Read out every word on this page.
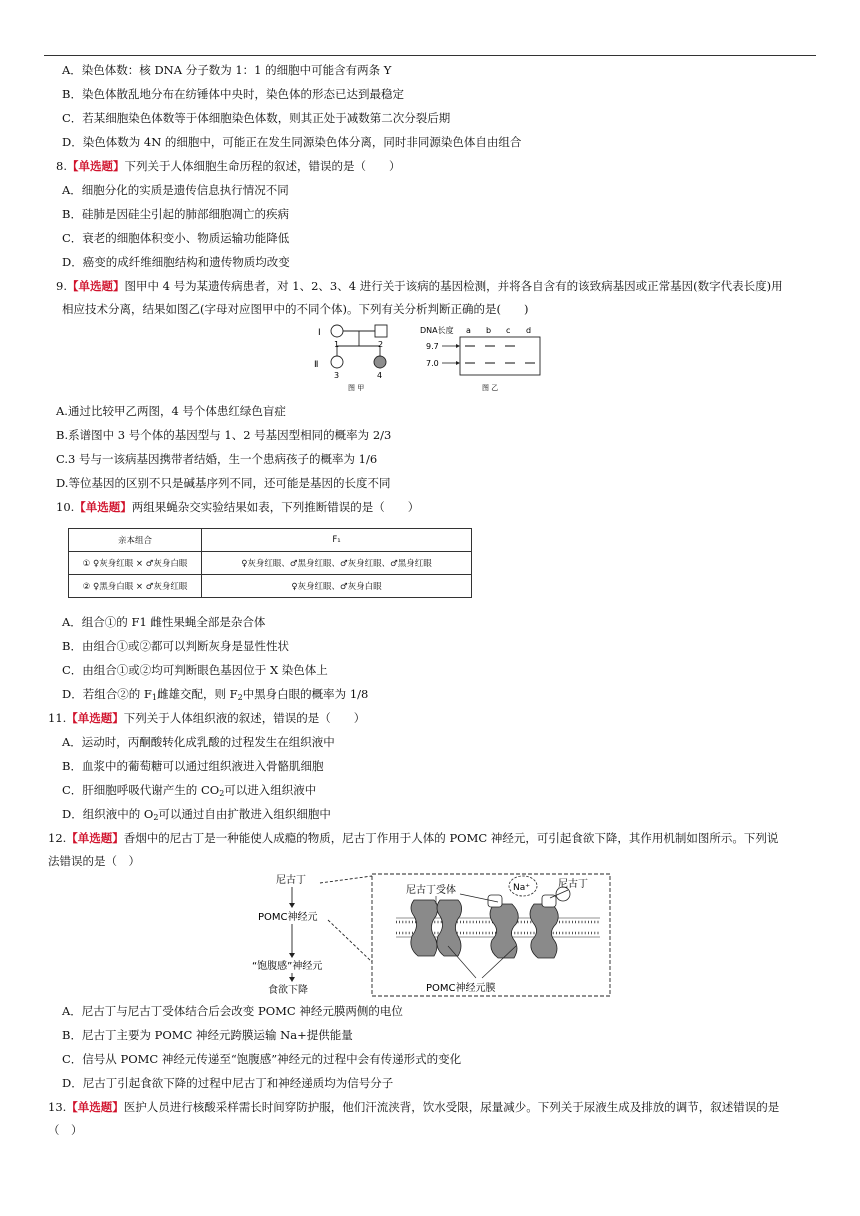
A．染色体数：核 DNA 分子数为 1：1 的细胞中可能含有两条 Y
B．染色体散乱地分布在纺锤体中央时，染色体的形态已达到最稳定
C．若某细胞染色体数等于体细胞染色体数，则其正处于减数第二次分裂后期
D．染色体数为 4N 的细胞中，可能正在发生同源染色体分离，同时非同源染色体自由组合
8.【单选题】下列关于人体细胞生命历程的叙述，错误的是（　　）
A．细胞分化的实质是遗传信息执行情况不同
B．硅肺是因硅尘引起的肺部细胞凋亡的疾病
C．衰老的细胞体积变小、物质运输功能降低
D．癌变的成纤维细胞结构和遗传物质均改变
9.【单选题】图甲中 4 号为某遗传病患者，对 1、2、3、4 进行关于该病的基因检测，并将各自含有的该致病基因或正常基因(数字代表长度)用
相应技术分离，结果如图乙(字母对应图甲中的不同个体)。下列有关分析判断正确的是(　　)
Ⅰ
Ⅱ
1	2
3	4
图 甲
DNA长度 a b c d
9.7
7.0
图 乙
A.通过比较甲乙两图，4 号个体患红绿色盲症
B.系谱图中 3 号个体的基因型与 1、2 号基因型相同的概率为 2/3
C.3 号与一该病基因携带者结婚，生一个患病孩子的概率为 1/6
D.等位基因的区别不只是碱基序列不同，还可能是基因的长度不同
10.【单选题】两组果蝇杂交实验结果如表，下列推断错误的是（　　）
亲本组合	F₁
① ♀灰身红眼 × ♂灰身白眼	♀灰身红眼、♂黑身红眼、♂灰身红眼、♂黑身红眼
② ♀黑身白眼 × ♂灰身红眼	♀灰身红眼、♂灰身白眼
A．组合①的 F1 雌性果蝇全部是杂合体
B．由组合①或②都可以判断灰身是显性性状
C．由组合①或②均可判断眼色基因位于 X 染色体上
D．若组合②的 $F_1$雌雄交配，则 $F_2$中黑身白眼的概率为 1/8
11.【单选题】下列关于人体组织液的叙述，错误的是（　　）
A．运动时，丙酮酸转化成乳酸的过程发生在组织液中
B．血浆中的葡萄糖可以通过组织液进入骨骼肌细胞
C．肝细胞呼吸代谢产生的 $CO_2$可以进入组织液中
D．组织液中的 $O_2$可以通过自由扩散进入组织细胞中
12.【单选题】香烟中的尼古丁是一种能使人成瘾的物质，尼古丁作用于人体的 POMC 神经元，可引起食欲下降，其作用机制如图所示。下列说
法错误的是（　）
尼古丁
POMC神经元
“饱腹感”神经元
食欲下降
Na⁺	尼古丁
尼古丁受体
POMC神经元膜
A．尼古丁与尼古丁受体结合后会改变 POMC 神经元膜两侧的电位
B．尼古丁主要为 POMC 神经元跨膜运输 Na+提供能量
C．信号从 POMC 神经元传递至“饱腹感”神经元的过程中会有传递形式的变化
D．尼古丁引起食欲下降的过程中尼古丁和神经递质均为信号分子
13.【单选题】医护人员进行核酸采样需长时间穿防护服，他们汗流浃背，饮水受限，尿量减少。下列关于尿液生成及排放的调节，叙述错误的是
（　）
